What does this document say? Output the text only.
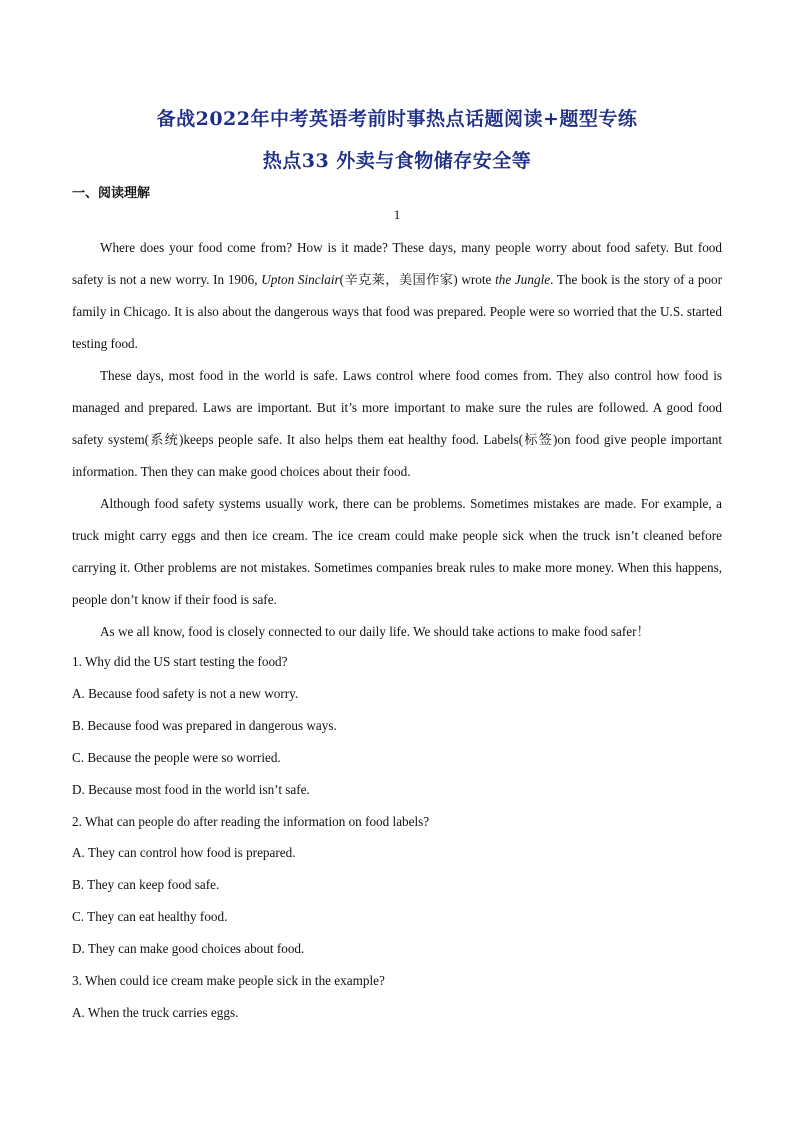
备战2022年中考英语考前时事热点话题阅读+题型专练
热点33 外卖与食物储存安全等
一、阅读理解
1

Where does your food come from? How is it made? These days, many people worry about food safety. But food safety is not a new worry. In 1906, Upton Sinclair(辛克莱，美国作家) wrote the Jungle. The book is the story of a poor family in Chicago. It is also about the dangerous ways that food was prepared. People were so worried that the U.S. started testing food.

These days, most food in the world is safe. Laws control where food comes from. They also control how food is managed and prepared. Laws are important. But it’s more important to make sure the rules are followed. A good food safety system(系统)keeps people safe. It also helps them eat healthy food. Labels(标签)on food give people important information. Then they can make good choices about their food.

Although food safety systems usually work, there can be problems. Sometimes mistakes are made. For example, a truck might carry eggs and then ice cream. The ice cream could make people sick when the truck isn’t cleaned before carrying it. Other problems are not mistakes. Sometimes companies break rules to make more money. When this happens, people don’t know if their food is safe.

As we all know, food is closely connected to our daily life. We should take actions to make food safer！

1. Why did the US start testing the food?
A. Because food safety is not a new worry.
B. Because food was prepared in dangerous ways.
C. Because the people were so worried.
D. Because most food in the world isn’t safe.
2. What can people do after reading the information on food labels?
A. They can control how food is prepared.
B. They can keep food safe.
C. They can eat healthy food.
D. They can make good choices about food.
3. When could ice cream make people sick in the example?
A. When the truck carries eggs.
